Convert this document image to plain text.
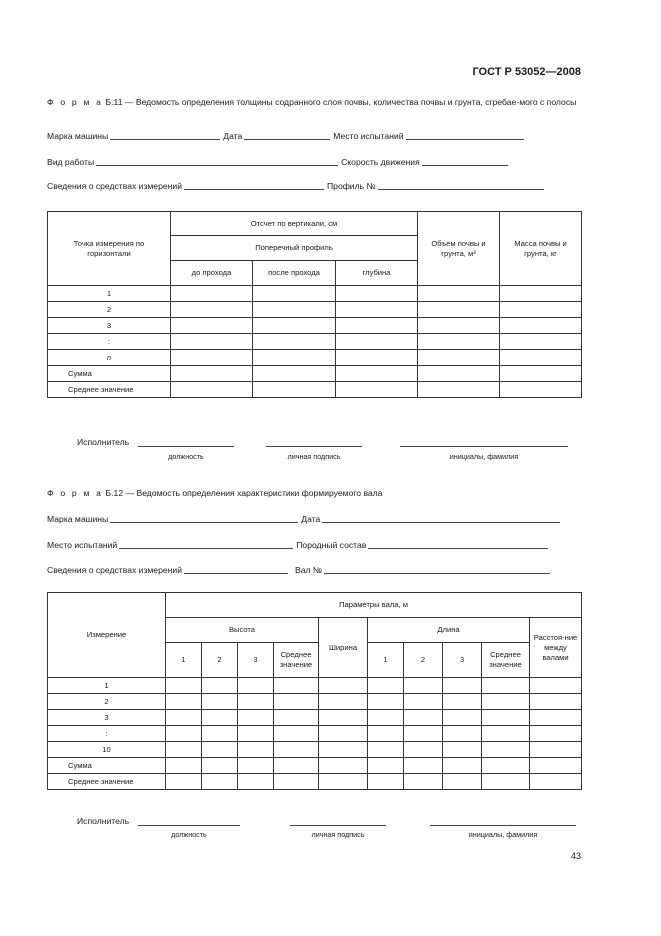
ГОСТ Р 53052—2008
Ф о р м а Б.11 — Ведомость определения толщины содранного слоя почвы, количества почвы и грунта, сгребае-мого с полосы
Марка машины	Дата	Место испытаний
Вид работы	Скорость движения
Сведения о средствах измерений	Профиль №
Точка измерения по горизонтали	Отсчет по вертикали, см			Объем почвы и грунта, м³	Масса почвы и грунта, кг
	Поперечный профиль				
	до прохода	после прохода	глубина		
1					
2					
3					
:					
n					
Сумма					
Среднее значение					
Исполнитель
должность	личная подпись	инициалы, фамилия
Ф о р м а Б.12 — Ведомость определения характеристики формируемого вала
Марка машины	Дата
Место испытаний	Породный состав
Сведения о средствах измерений	Вал №
Измерение	Параметры вала, м									
	Высота				Ширина	Длина				Расстоя-ние между валами
	1	2	3	Среднее значение		1	2	3	Среднее значение	
1										
2										
3										
:										
10										
Сумма										
Среднее значение										
Исполнитель
должность	личная подпись	инициалы, фамилия
43
